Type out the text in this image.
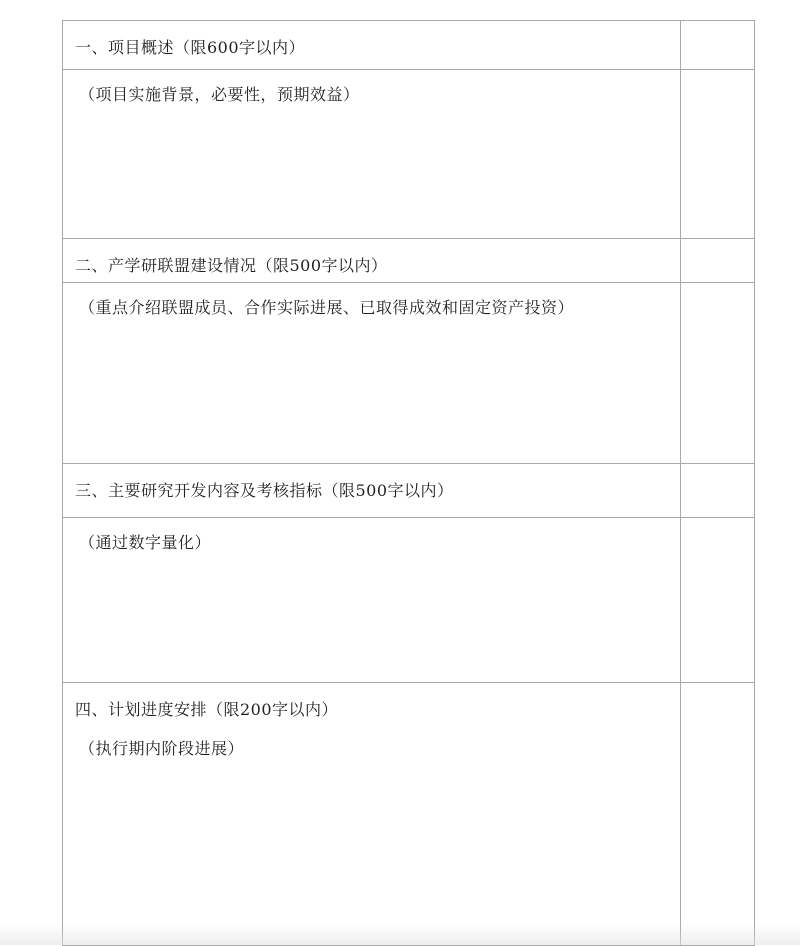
一、项目概述（限600字以内）	
（项目实施背景，必要性，预期效益）	
二、产学研联盟建设情况（限500字以内）	
（重点介绍联盟成员、合作实际进展、已取得成效和固定资产投资）	
三、主要研究开发内容及考核指标（限500字以内）	
（通过数字量化）	

四、计划进度安排（限200字以内）
（执行期内阶段进展）	
